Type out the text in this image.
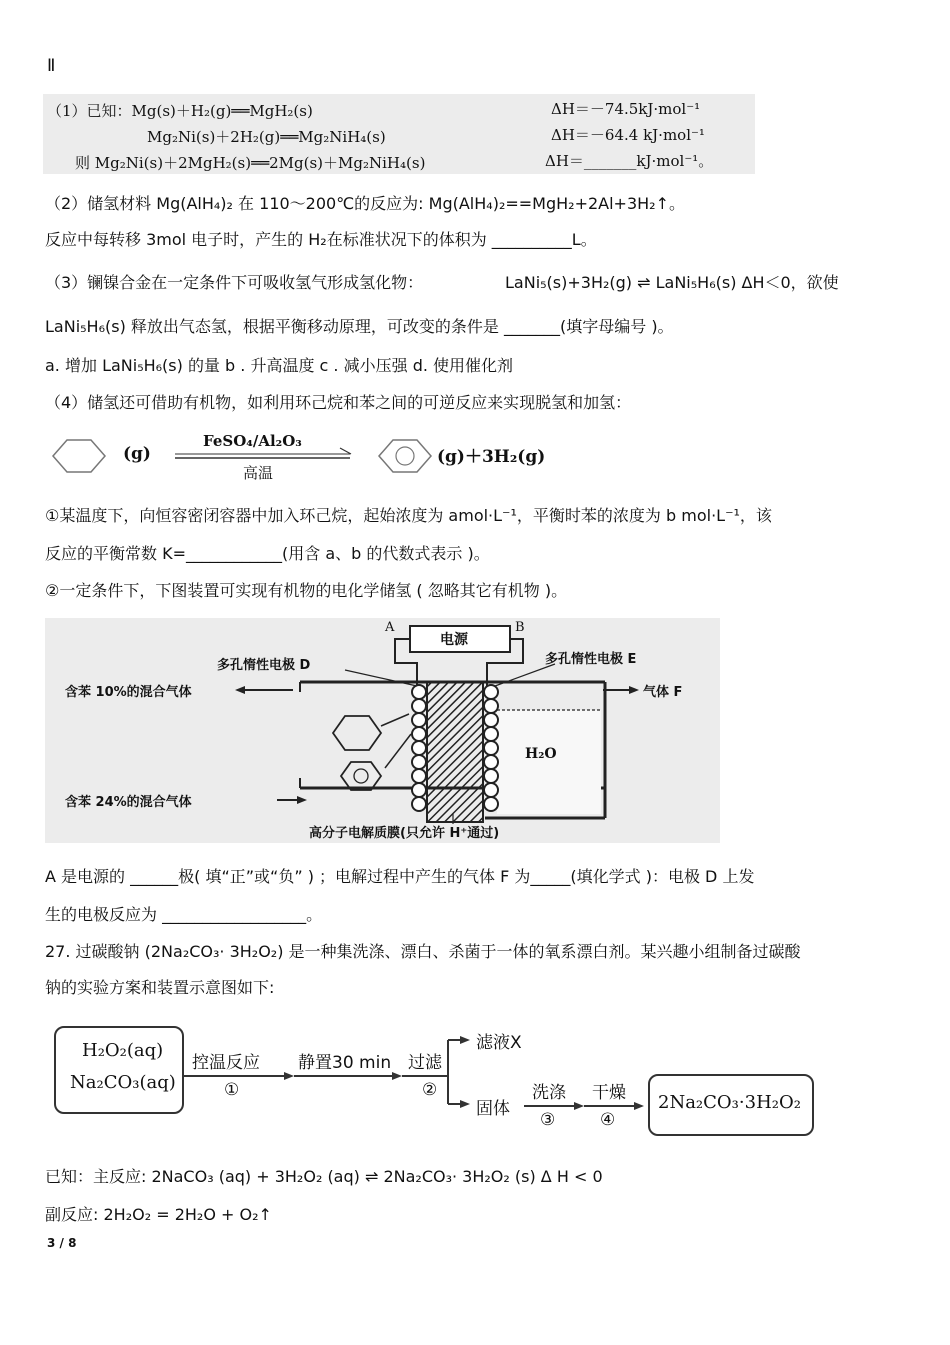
Ⅱ
（1）已知：Mg(s)＋H₂(g)══MgH₂(s)	ΔH＝－74.5kJ·mol⁻¹
Mg₂Ni(s)＋2H₂(g)══Mg₂NiH₄(s)	ΔH＝－64.4 kJ·mol⁻¹
则 Mg₂Ni(s)＋2MgH₂(s)══2Mg(s)＋Mg₂NiH₄(s)	ΔH＝_______kJ·mol⁻¹。
（2）储氢材料 Mg(AlH₄)₂ 在 110～200℃的反应为: Mg(AlH₄)₂==MgH₂+2Al+3H₂↑。
反应中每转移 3mol 电子时，产生的 H₂在标准状况下的体积为 __________L。
（3）镧镍合金在一定条件下可吸收氢气形成氢化物：	LaNi₅(s)+3H₂(g) ⇌ LaNi₅H₆(s) ΔH＜0，欲使
LaNi₅H₆(s) 释放出气态氢，根据平衡移动原理，可改变的条件是 _______(填字母编号 )。
a. 增加 LaNi₅H₆(s) 的量 b . 升高温度 c . 减小压强 d. 使用催化剂
（4）储氢还可借助有机物，如利用环己烷和苯之间的可逆反应来实现脱氢和加氢：
(g)
FeSO₄/Al₂O₃
高温
(g)＋3H₂(g)
①某温度下，向恒容密闭容器中加入环己烷，起始浓度为 amol·L⁻¹，平衡时苯的浓度为 b mol·L⁻¹，该
反应的平衡常数 K=____________(用含 a、b 的代数式表示 )。
②一定条件下，下图装置可实现有机物的电化学储氢 ( 忽略其它有机物 )。
A	B
电源
多孔惰性电极 D	多孔惰性电极 E
含苯 10%的混合气体
含苯 24%的混合气体
气体 F
H₂O
高分子电解质膜(只允许 H⁺通过)
A 是电源的 ______极( 填“正”或“负” ) ；电解过程中产生的气体 F 为_____(填化学式 )：电极 D 上发
生的电极反应为 __________________。
27. 过碳酸钠 (2Na₂CO₃· 3H₂O₂) 是一种集洗涤、漂白、杀菌于一体的氧系漂白剂。某兴趣小组制备过碳酸
钠的实验方案和装置示意图如下:
H₂O₂(aq)
Na₂CO₃(aq)
控温反应
①
静置30 min 过滤
②
滤液X
固体
洗涤
③
干燥
④
2Na₂CO₃·3H₂O₂
已知：主反应: 2NaCO₃ (aq) + 3H₂O₂ (aq) ⇌ 2Na₂CO₃· 3H₂O₂ (s) Δ H < 0
副反应: 2H₂O₂ = 2H₂O + O₂↑
3 / 8
